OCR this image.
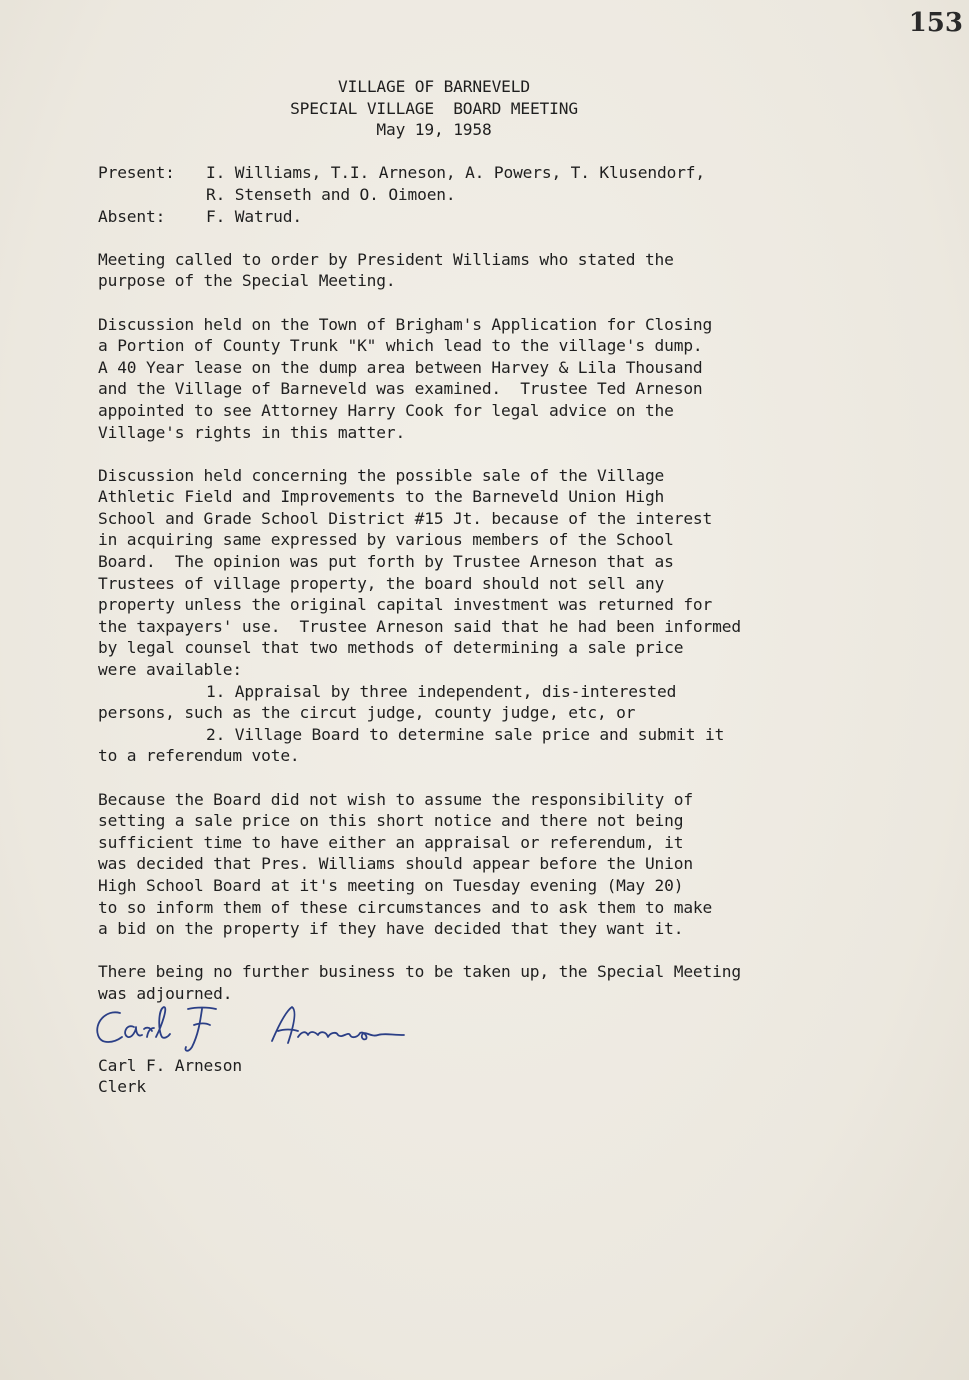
153
VILLAGE OF BARNEVELD
SPECIAL VILLAGE  BOARD MEETING
May 19, 1958
Present: I. Williams, T.I. Arneson, A. Powers, T. Klusendorf,
R. Stenseth and O. Oimoen.
Absent:	F. Watrud.
Meeting called to order by President Williams who stated the
purpose of the Special Meeting.
Discussion held on the Town of Brigham's Application for Closing
a Portion of County Trunk "K" which lead to the village's dump.
A 40 Year lease on the dump area between Harvey & Lila Thousand
and the Village of Barneveld was examined.  Trustee Ted Arneson
appointed to see Attorney Harry Cook for legal advice on the
Village's rights in this matter.
Discussion held concerning the possible sale of the Village
Athletic Field and Improvements to the Barneveld Union High
School and Grade School District #15 Jt. because of the interest
in acquiring same expressed by various members of the School
Board.  The opinion was put forth by Trustee Arneson that as
Trustees of village property, the board should not sell any
property unless the original capital investment was returned for
the taxpayers' use.  Trustee Arneson said that he had been informed
by legal counsel that two methods of determining a sale price
were available:
1. Appraisal by three independent, dis-interested
persons, such as the circut judge, county judge, etc, or
2. Village Board to determine sale price and submit it
to a referendum vote.
Because the Board did not wish to assume the responsibility of
setting a sale price on this short notice and there not being
sufficient time to have either an appraisal or referendum, it
was decided that Pres. Williams should appear before the Union
High School Board at it's meeting on Tuesday evening (May 20)
to so inform them of these circumstances and to ask them to make
a bid on the property if they have decided that they want it.
There being no further business to be taken up, the Special Meeting
was adjourned.
Carl F. Arneson
Clerk
